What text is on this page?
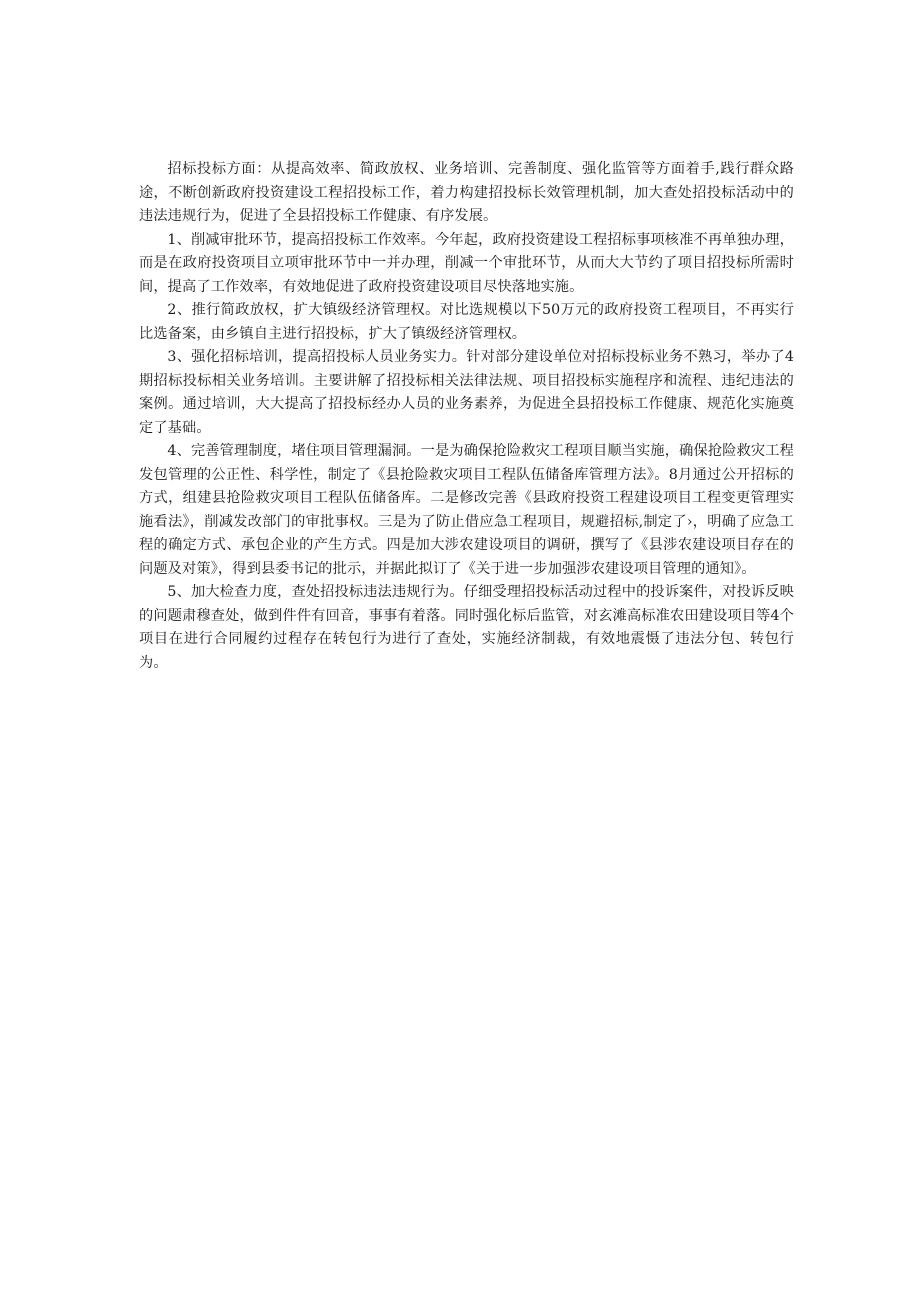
招标投标方面：从提高效率、简政放权、业务培训、完善制度、强化监管等方面着手,践行群众路途，不断创新政府投资建设工程招投标工作，着力构建招投标长效管理机制，加大查处招投标活动中的违法违规行为，促进了全县招投标工作健康、有序发展。

1、削减审批环节，提高招投标工作效率。今年起，政府投资建设工程招标事项核准不再单独办理，而是在政府投资项目立项审批环节中一并办理，削减一个审批环节，从而大大节约了项目招投标所需时间，提高了工作效率，有效地促进了政府投资建设项目尽快落地实施。

2、推行简政放权，扩大镇级经济管理权。对比选规模以下50万元的政府投资工程项目，不再实行比选备案，由乡镇自主进行招投标，扩大了镇级经济管理权。

3、强化招标培训，提高招投标人员业务实力。针对部分建设单位对招标投标业务不熟习，举办了4期招标投标相关业务培训。主要讲解了招投标相关法律法规、项目招投标实施程序和流程、违纪违法的案例。通过培训，大大提高了招投标经办人员的业务素养，为促进全县招投标工作健康、规范化实施奠定了基础。

4、完善管理制度，堵住项目管理漏洞。一是为确保抢险救灾工程项目顺当实施，确保抢险救灾工程发包管理的公正性、科学性，制定了《县抢险救灾项目工程队伍储备库管理方法》。8月通过公开招标的方式，组建县抢险救灾项目工程队伍储备库。二是修改完善《县政府投资工程建设项目工程变更管理实施看法》，削减发改部门的审批事权。三是为了防止借应急工程项目，规避招标,制定了›，明确了应急工程的确定方式、承包企业的产生方式。四是加大涉农建设项目的调研，撰写了《县涉农建设项目存在的问题及对策》，得到县委书记的批示，并据此拟订了《关于进一步加强涉农建设项目管理的通知》。

5、加大检查力度，查处招投标违法违规行为。仔细受理招投标活动过程中的投诉案件，对投诉反映的问题肃穆查处，做到件件有回音，事事有着落。同时强化标后监管，对玄滩高标准农田建设项目等4个项目在进行合同履约过程存在转包行为进行了查处，实施经济制裁，有效地震慑了违法分包、转包行为。
